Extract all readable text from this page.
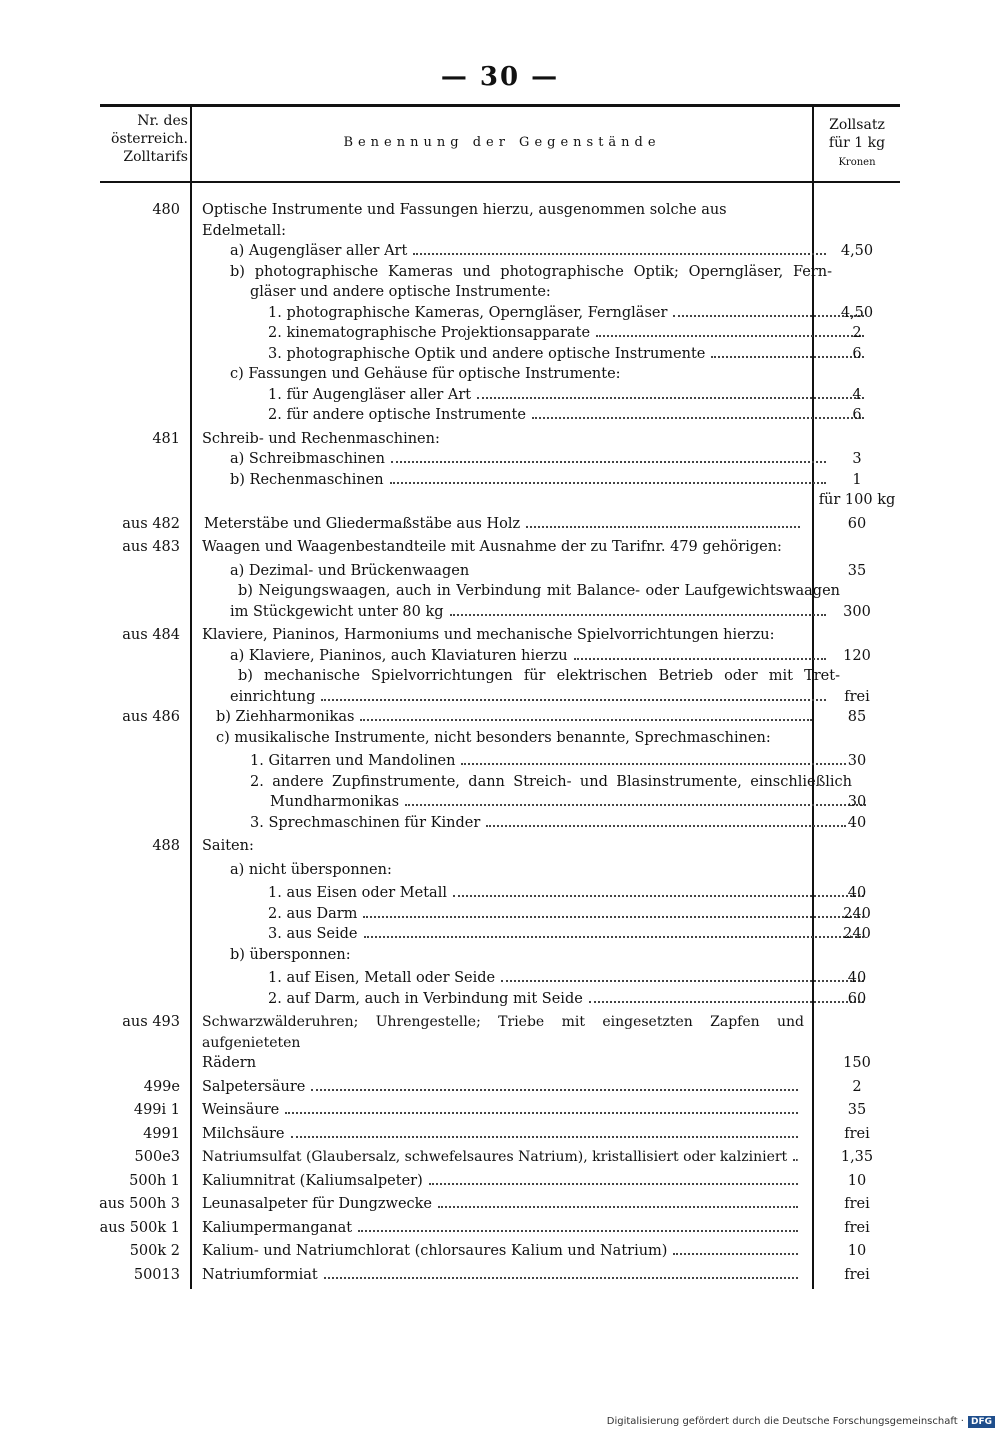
— 30 —
Nr. des
österreich.
Zolltarifs
Benennung der Gegenstände
Zollsatz
für 1 kg
Kronen
480 Optische Instrumente und Fassungen hierzu, ausgenommen solche aus Edelmetall:
a) Augengläser aller Art	4,50
b) photographische Kameras und photographische Optik; Operngläser, Fern-
gläser und andere optische Instrumente:
1. photographische Kameras, Operngläser, Ferngläser	4,50
2. kinematographische Projektionsapparate	2
3. photographische Optik und andere optische Instrumente	6
c) Fassungen und Gehäuse für optische Instrumente:
1. für Augengläser aller Art	4
2. für andere optische Instrumente	6
481 Schreib- und Rechenmaschinen:
a) Schreibmaschinen	3
b) Rechenmaschinen	1

für 100 kg
aus 482 Meterstäbe und Gliedermaßstäbe aus Holz	60
aus 483 Waagen und Waagenbestandteile mit Ausnahme der zu Tarifnr. 479 gehörigen:
a) Dezimal- und Brückenwaagen	35
b) Neigungswaagen, auch in Verbindung mit Balance- oder Laufgewichtswaagen
im Stückgewicht unter 80 kg	300
aus 484 Klaviere, Pianinos, Harmoniums und mechanische Spielvorrichtungen hierzu:
a) Klaviere, Pianinos, auch Klaviaturen hierzu	120
b) mechanische Spielvorrichtungen für elektrischen Betrieb oder mit Tret-
einrichtung	frei
aus 486 b) Ziehharmonikas	85
c) musikalische Instrumente, nicht besonders benannte, Sprechmaschinen:
1. Gitarren und Mandolinen	30
2. andere Zupfinstrumente, dann Streich- und Blasinstrumente, einschließlich
Mundharmonikas	30
3. Sprechmaschinen für Kinder	40
488 Saiten:
a) nicht übersponnen:
1. aus Eisen oder Metall	40
2. aus Darm	240
3. aus Seide	240
b) übersponnen:
1. auf Eisen, Metall oder Seide	40
2. auf Darm, auch in Verbindung mit Seide	60
aus 493 Schwarzwälderuhren; Uhrengestelle; Triebe mit eingesetzten Zapfen und aufgenieteten
Rädern	150
499e Salpetersäure	2
499i 1 Weinsäure	35
4991 Milchsäure	frei
500e3 Natriumsulfat (Glaubersalz, schwefelsaures Natrium), kristallisiert oder kalziniert	1,35
500h 1 Kaliumnitrat (Kaliumsalpeter)	10
aus 500h 3 Leunasalpeter für Dungzwecke	frei
aus 500k 1 Kaliumpermanganat	frei
500k 2 Kalium- und Natriumchlorat (chlorsaures Kalium und Natrium)	10
50013 Natriumformiat	frei
Digitalisierung gefördert durch die Deutsche Forschungsgemeinschaft · DFG
